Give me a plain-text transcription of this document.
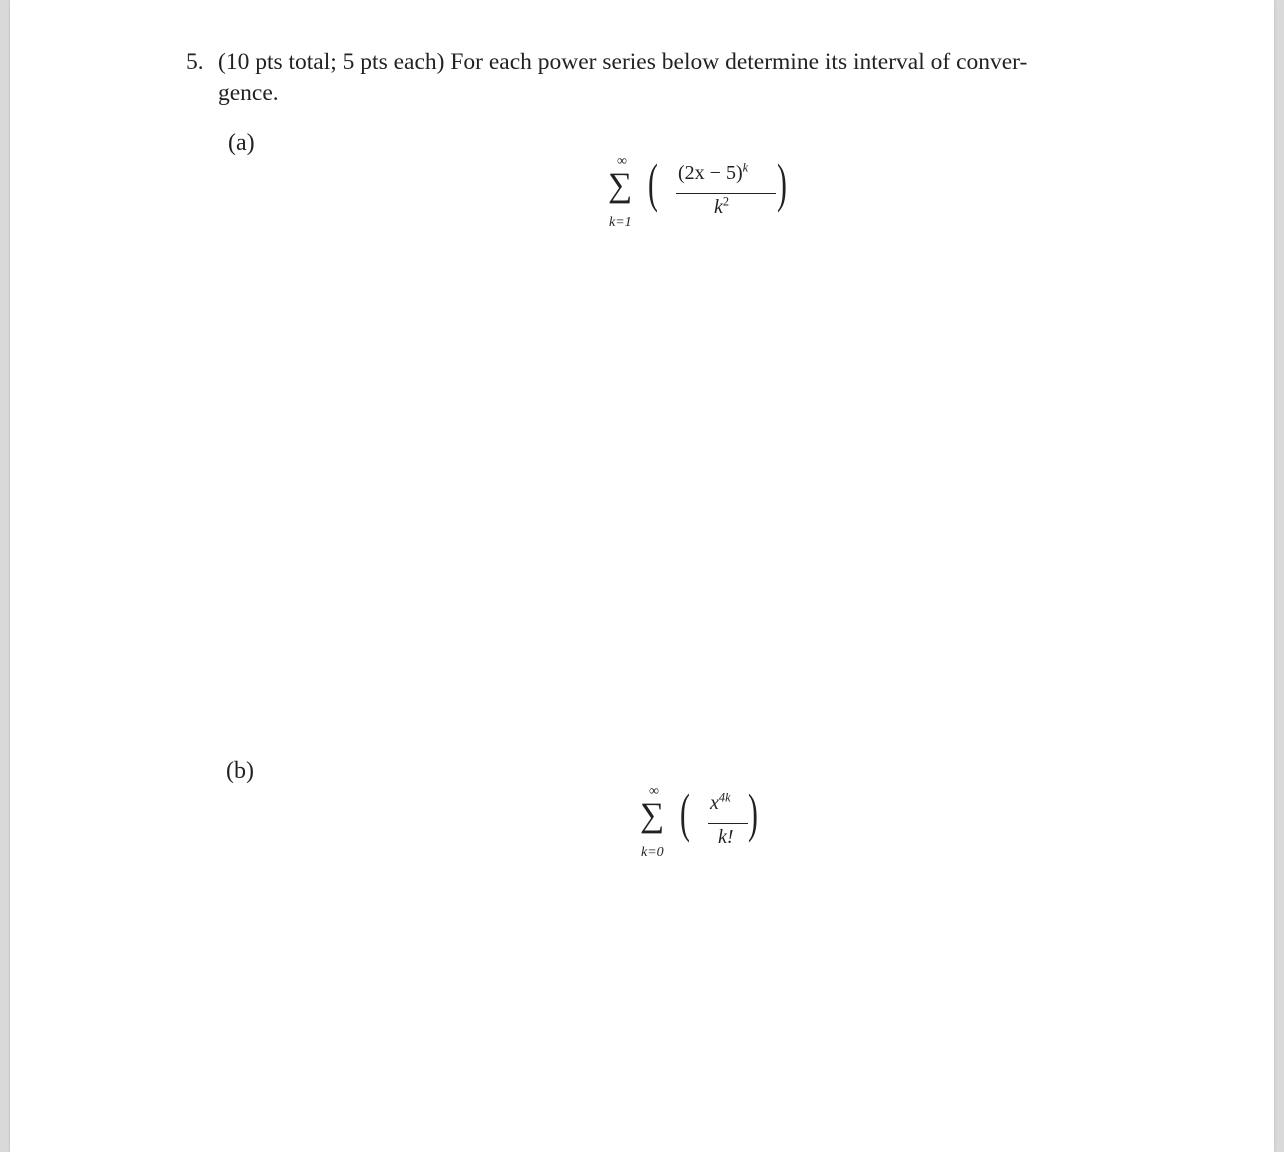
5. (10 pts total; 5 pts each) For each power series below determine its interval of conver-
gence.
(a)
∞
∑
k=1
( $(2x - 5)^k$
$k^2$ )
(b)
∞
∑
k=0
( $x^{4k}$
k! )
